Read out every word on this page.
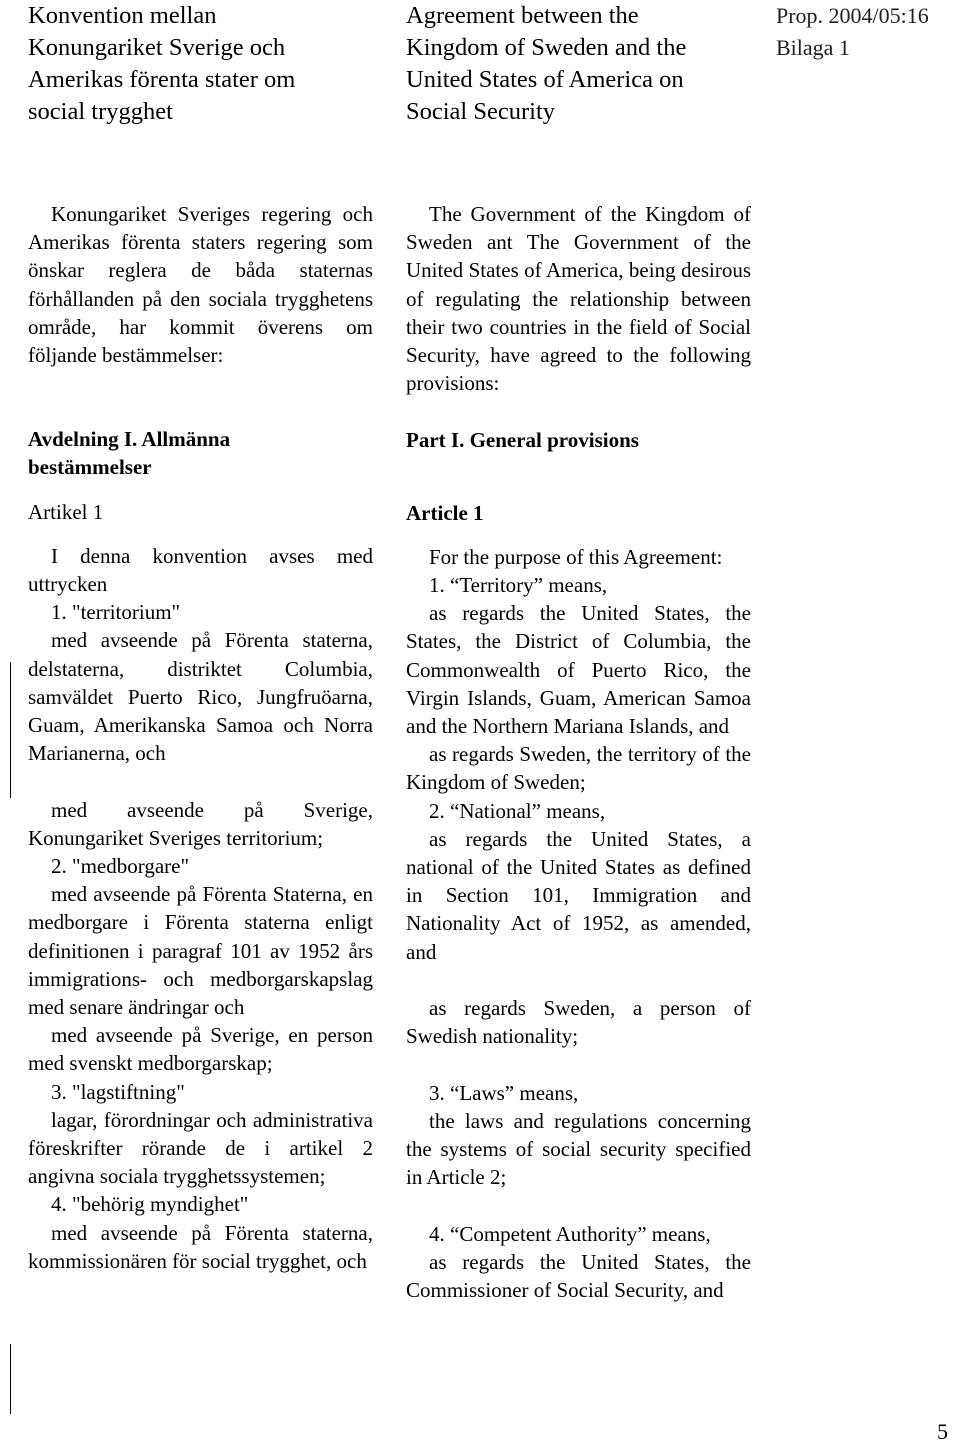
Konvention mellan
Konungariket Sverige och
Amerikas förenta stater om
social trygghet
Agreement between the
Kingdom of Sweden and the
United States of America on
Social Security
Prop. 2004/05:16
Bilaga 1

Konungariket Sveriges regering och Amerikas förenta staters regering som önskar reglera de båda staternas förhållanden på den sociala trygghetens område, har kommit överens om följande bestämmelser:

Avdelning I. Allmänna bestämmelser

Artikel 1

I denna konvention avses med uttrycken

1. "territorium"

med avseende på Förenta staterna, delstaterna, distriktet Columbia, samväldet Puerto Rico, Jungfruöarna, Guam, Amerikanska Samoa och Norra Marianerna, och

med avseende på Sverige, Konungariket Sveriges territorium;

2. "medborgare"

med avseende på Förenta Staterna, en medborgare i Förenta staterna enligt definitionen i paragraf 101 av 1952 års immigrations- och medborgarskapslag med senare ändringar och

med avseende på Sverige, en person med svenskt medborgarskap;

3. "lagstiftning"

lagar, förordningar och administrativa föreskrifter rörande de i artikel 2 angivna sociala trygghetssystemen;

4. "behörig myndighet"

med avseende på Förenta staterna, kommissionären för social trygghet, och

The Government of the Kingdom of Sweden ant The Government of the United States of America, being desirous of regulating the relationship between their two countries in the field of Social Security, have agreed to the following provisions:

Part I. General provisions

Article 1

For the purpose of this Agreement:

1. “Territory” means,

as regards the United States, the States, the District of Columbia, the Commonwealth of Puerto Rico, the Virgin Islands, Guam, American Samoa and the Northern Mariana Islands, and

as regards Sweden, the territory of the Kingdom of Sweden;

2. “National” means,

as regards the United States, a national of the United States as defined in Section 101, Immigration and Nationality Act of 1952, as amended, and

as regards Sweden, a person of Swedish nationality;

3. “Laws” means,

the laws and regulations concerning the systems of social security specified in Article 2;

4. “Competent Authority” means,

as regards the United States, the Commissioner of Social Security, and

5
